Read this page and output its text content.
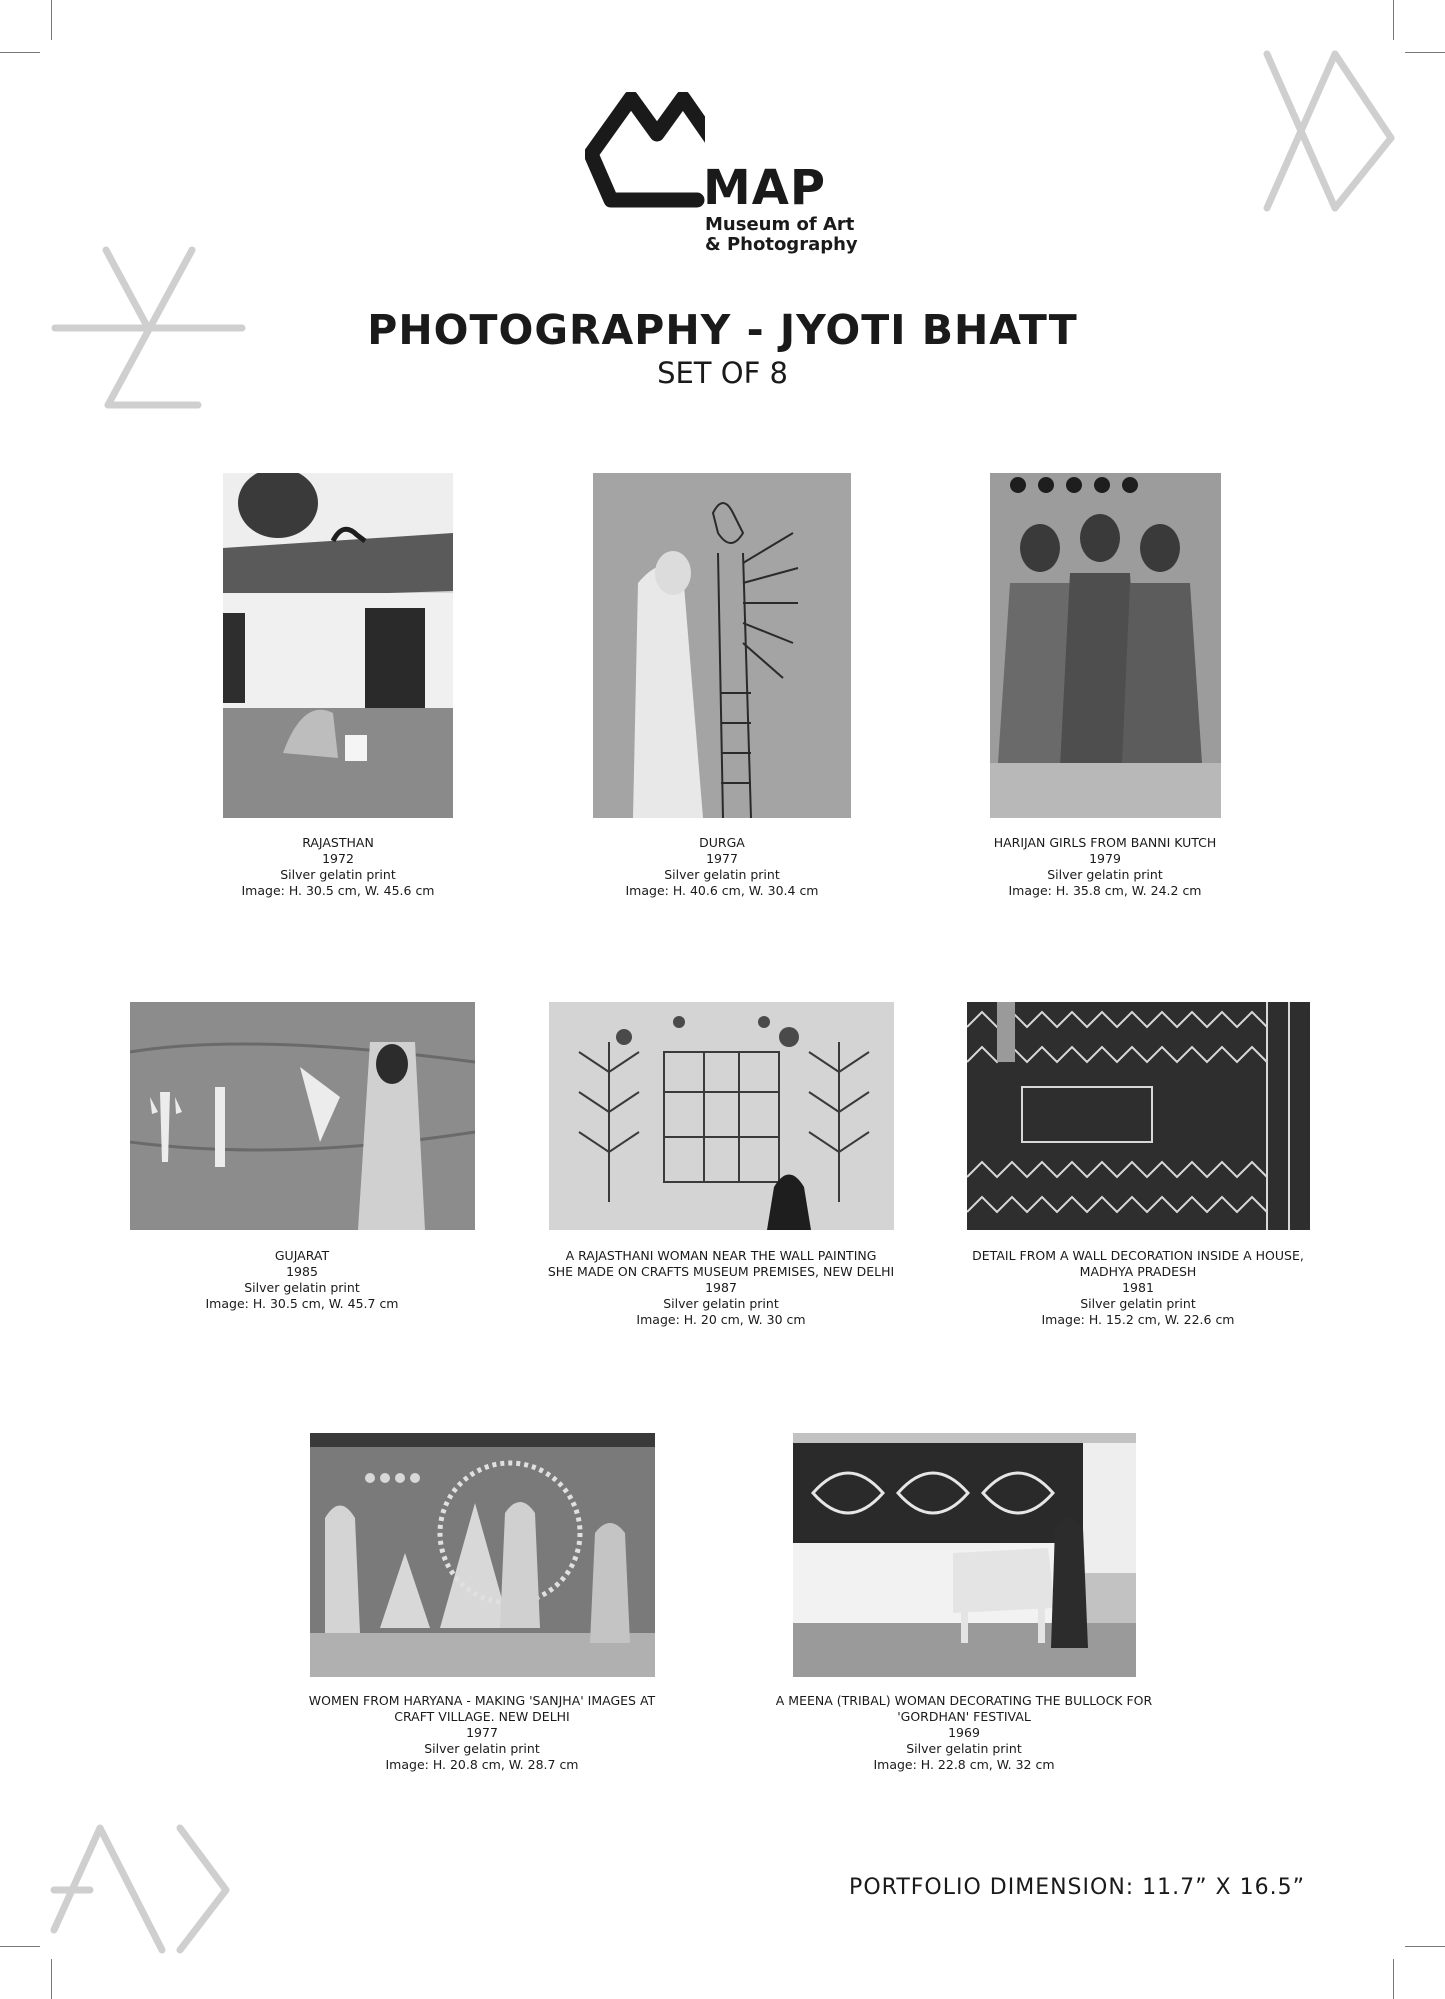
MAP
Museum of Art
& Photography
PHOTOGRAPHY - JYOTI BHATT
SET OF 8
RAJASTHAN
1972
Silver gelatin print
Image: H. 30.5 cm, W. 45.6 cm
DURGA
1977
Silver gelatin print
Image: H. 40.6 cm, W. 30.4 cm
HARIJAN GIRLS FROM BANNI KUTCH
1979
Silver gelatin print
Image: H. 35.8 cm, W. 24.2 cm
GUJARAT
1985
Silver gelatin print
Image: H. 30.5 cm, W. 45.7 cm
A RAJASTHANI WOMAN NEAR THE WALL PAINTING
SHE MADE ON CRAFTS MUSEUM PREMISES, NEW DELHI
1987
Silver gelatin print
Image: H. 20 cm, W. 30 cm
DETAIL FROM A WALL DECORATION INSIDE A HOUSE,
MADHYA PRADESH
1981
Silver gelatin print
Image: H. 15.2 cm, W. 22.6 cm
WOMEN FROM HARYANA - MAKING 'SANJHA' IMAGES AT
CRAFT VILLAGE. NEW DELHI
1977
Silver gelatin print
Image: H. 20.8 cm, W. 28.7 cm
A MEENA (TRIBAL) WOMAN DECORATING THE BULLOCK FOR
'GORDHAN' FESTIVAL
1969
Silver gelatin print
Image: H. 22.8 cm, W. 32 cm
PORTFOLIO DIMENSION: 11.7” X 16.5”
